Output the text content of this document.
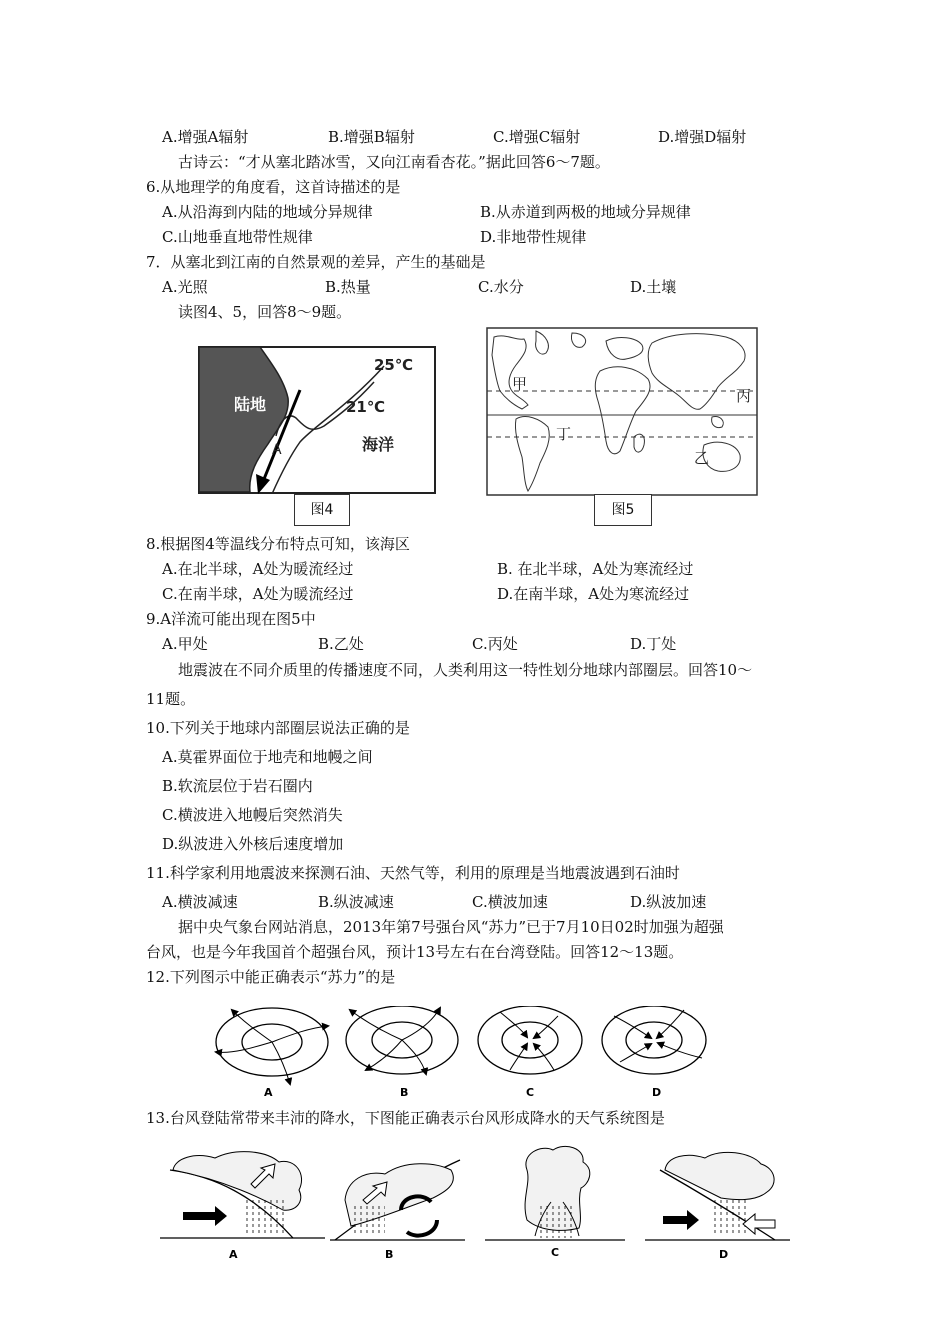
A.增强A辐射	B.增强B辐射	C.增强C辐射	D.增强D辐射
古诗云：“才从塞北踏冰雪，又向江南看杏花。”据此回答6～7题。
6.从地理学的角度看，这首诗描述的是
A.从沿海到内陆的地域分异规律	B.从赤道到两极的地域分异规律
C.山地垂直地带性规律	D.非地带性规律
7．从塞北到江南的自然景观的差异，产生的基础是
A.光照	B.热量	C.水分	D.土壤
读图4、5，回答8～9题。
陆地
海洋
25℃
21℃
A
图4
甲
丙
丁
乙
图5
8.根据图4等温线分布特点可知，该海区
A.在北半球，A处为暖流经过	B. 在北半球，A处为寒流经过
C.在南半球，A处为暖流经过	D.在南半球，A处为寒流经过
9.A洋流可能出现在图5中
A.甲处	B.乙处	C.丙处	D.丁处
地震波在不同介质里的传播速度不同，人类利用这一特性划分地球内部圈层。回答10～
11题。
10.下列关于地球内部圈层说法正确的是
A.莫霍界面位于地壳和地幔之间
B.软流层位于岩石圈内
C.横波进入地幔后突然消失
D.纵波进入外核后速度增加
11.科学家利用地震波来探测石油、天然气等，利用的原理是当地震波遇到石油时
A.横波减速	B.纵波减速	C.横波加速	D.纵波加速
据中央气象台网站消息，2013年第7号强台风“苏力”已于7月10日02时加强为超强
台风，也是今年我国首个超强台风，预计13号左右在台湾登陆。回答12～13题。
12.下列图示中能正确表示“苏力”的是
A	B	C	D
13.台风登陆常带来丰沛的降水，下图能正确表示台风形成降水的天气系统图是
A	B	C	D
